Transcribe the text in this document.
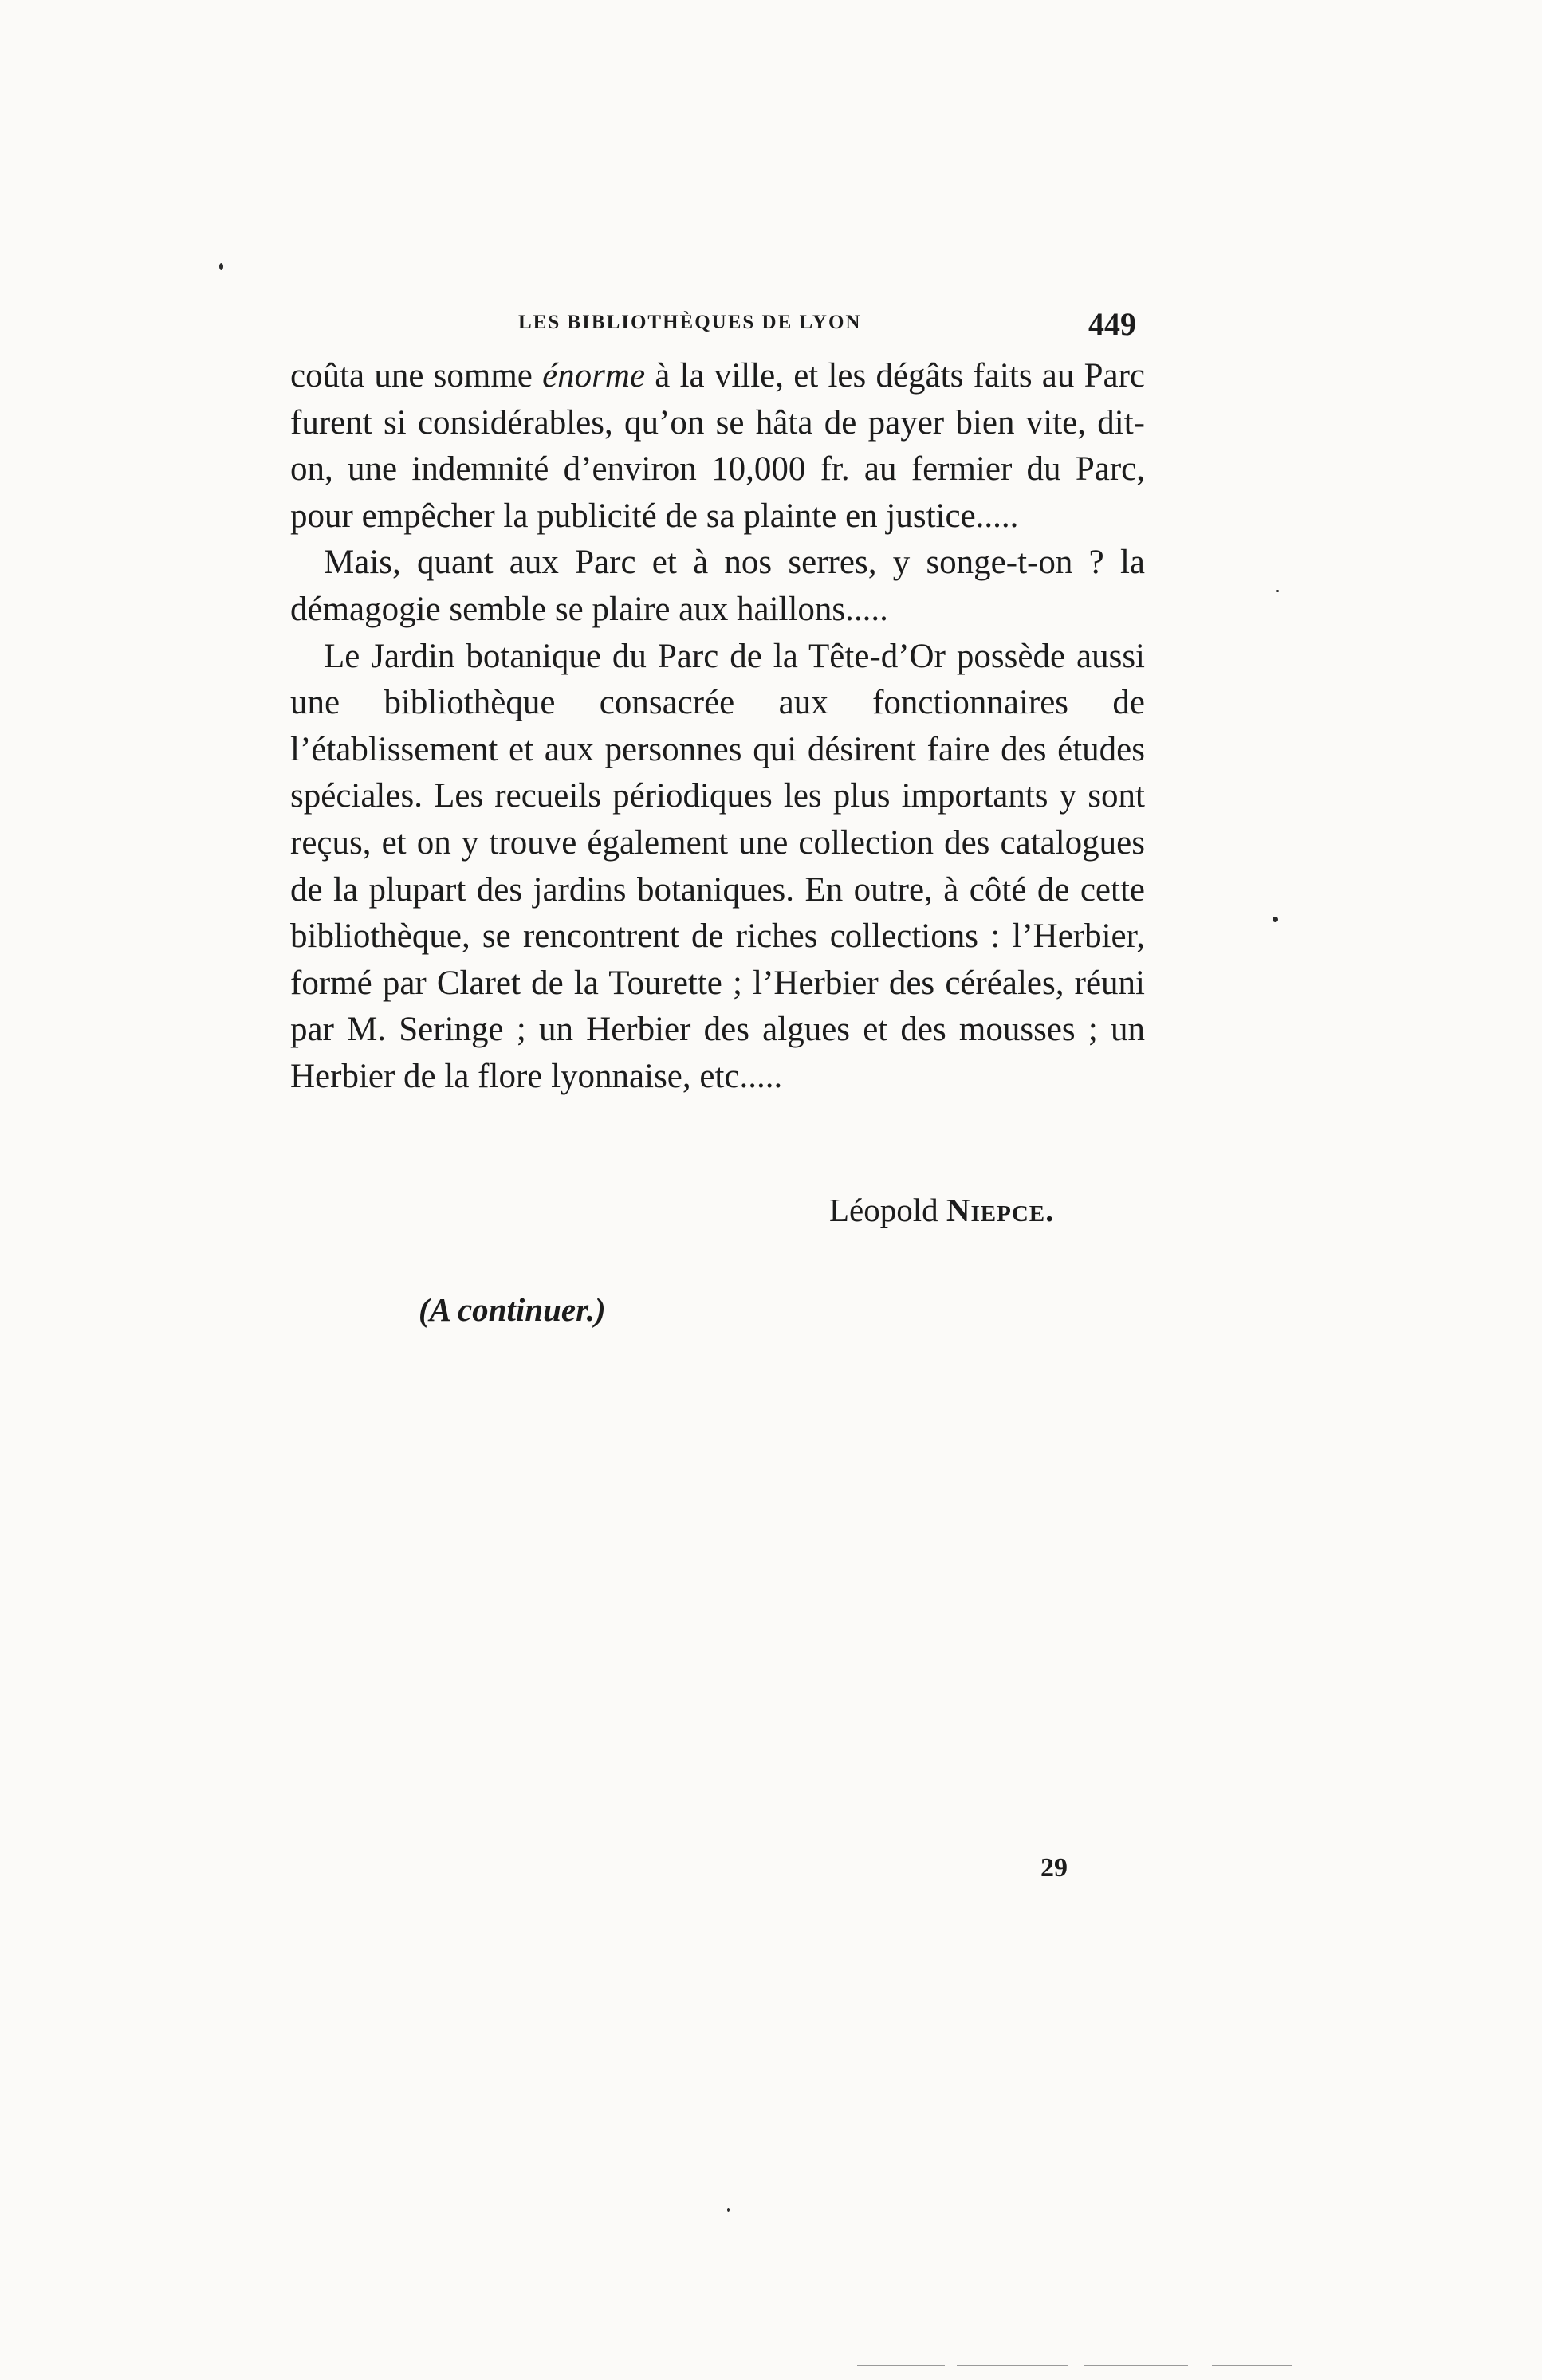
LES BIBLIOTHÈQUES DE LYON	449

coûta une somme énorme à la ville, et les dégâts faits au Parc furent si considérables, qu’on se hâta de payer bien vite, dit-on, une indemnité d’environ 10,000 fr. au fermier du Parc, pour empêcher la publicité de sa plainte en justice.....

Mais, quant aux Parc et à nos serres, y songe-t-on ? la démagogie semble se plaire aux haillons.....

Le Jardin botanique du Parc de la Tête-d’Or possède aussi une bibliothèque consacrée aux fonctionnaires de l’établissement et aux personnes qui désirent faire des études spéciales. Les recueils périodiques les plus importants y sont reçus, et on y trouve également une collection des catalogues de la plupart des jardins botaniques. En outre, à côté de cette bibliothèque, se rencontrent de riches collections : l’Herbier, formé par Claret de la Tourette ; l’Herbier des céréales, réuni par M. Seringe ; un Herbier des algues et des mousses ; un Herbier de la flore lyonnaise, etc.....

Léopold Niepce.
(A continuer.)
29
